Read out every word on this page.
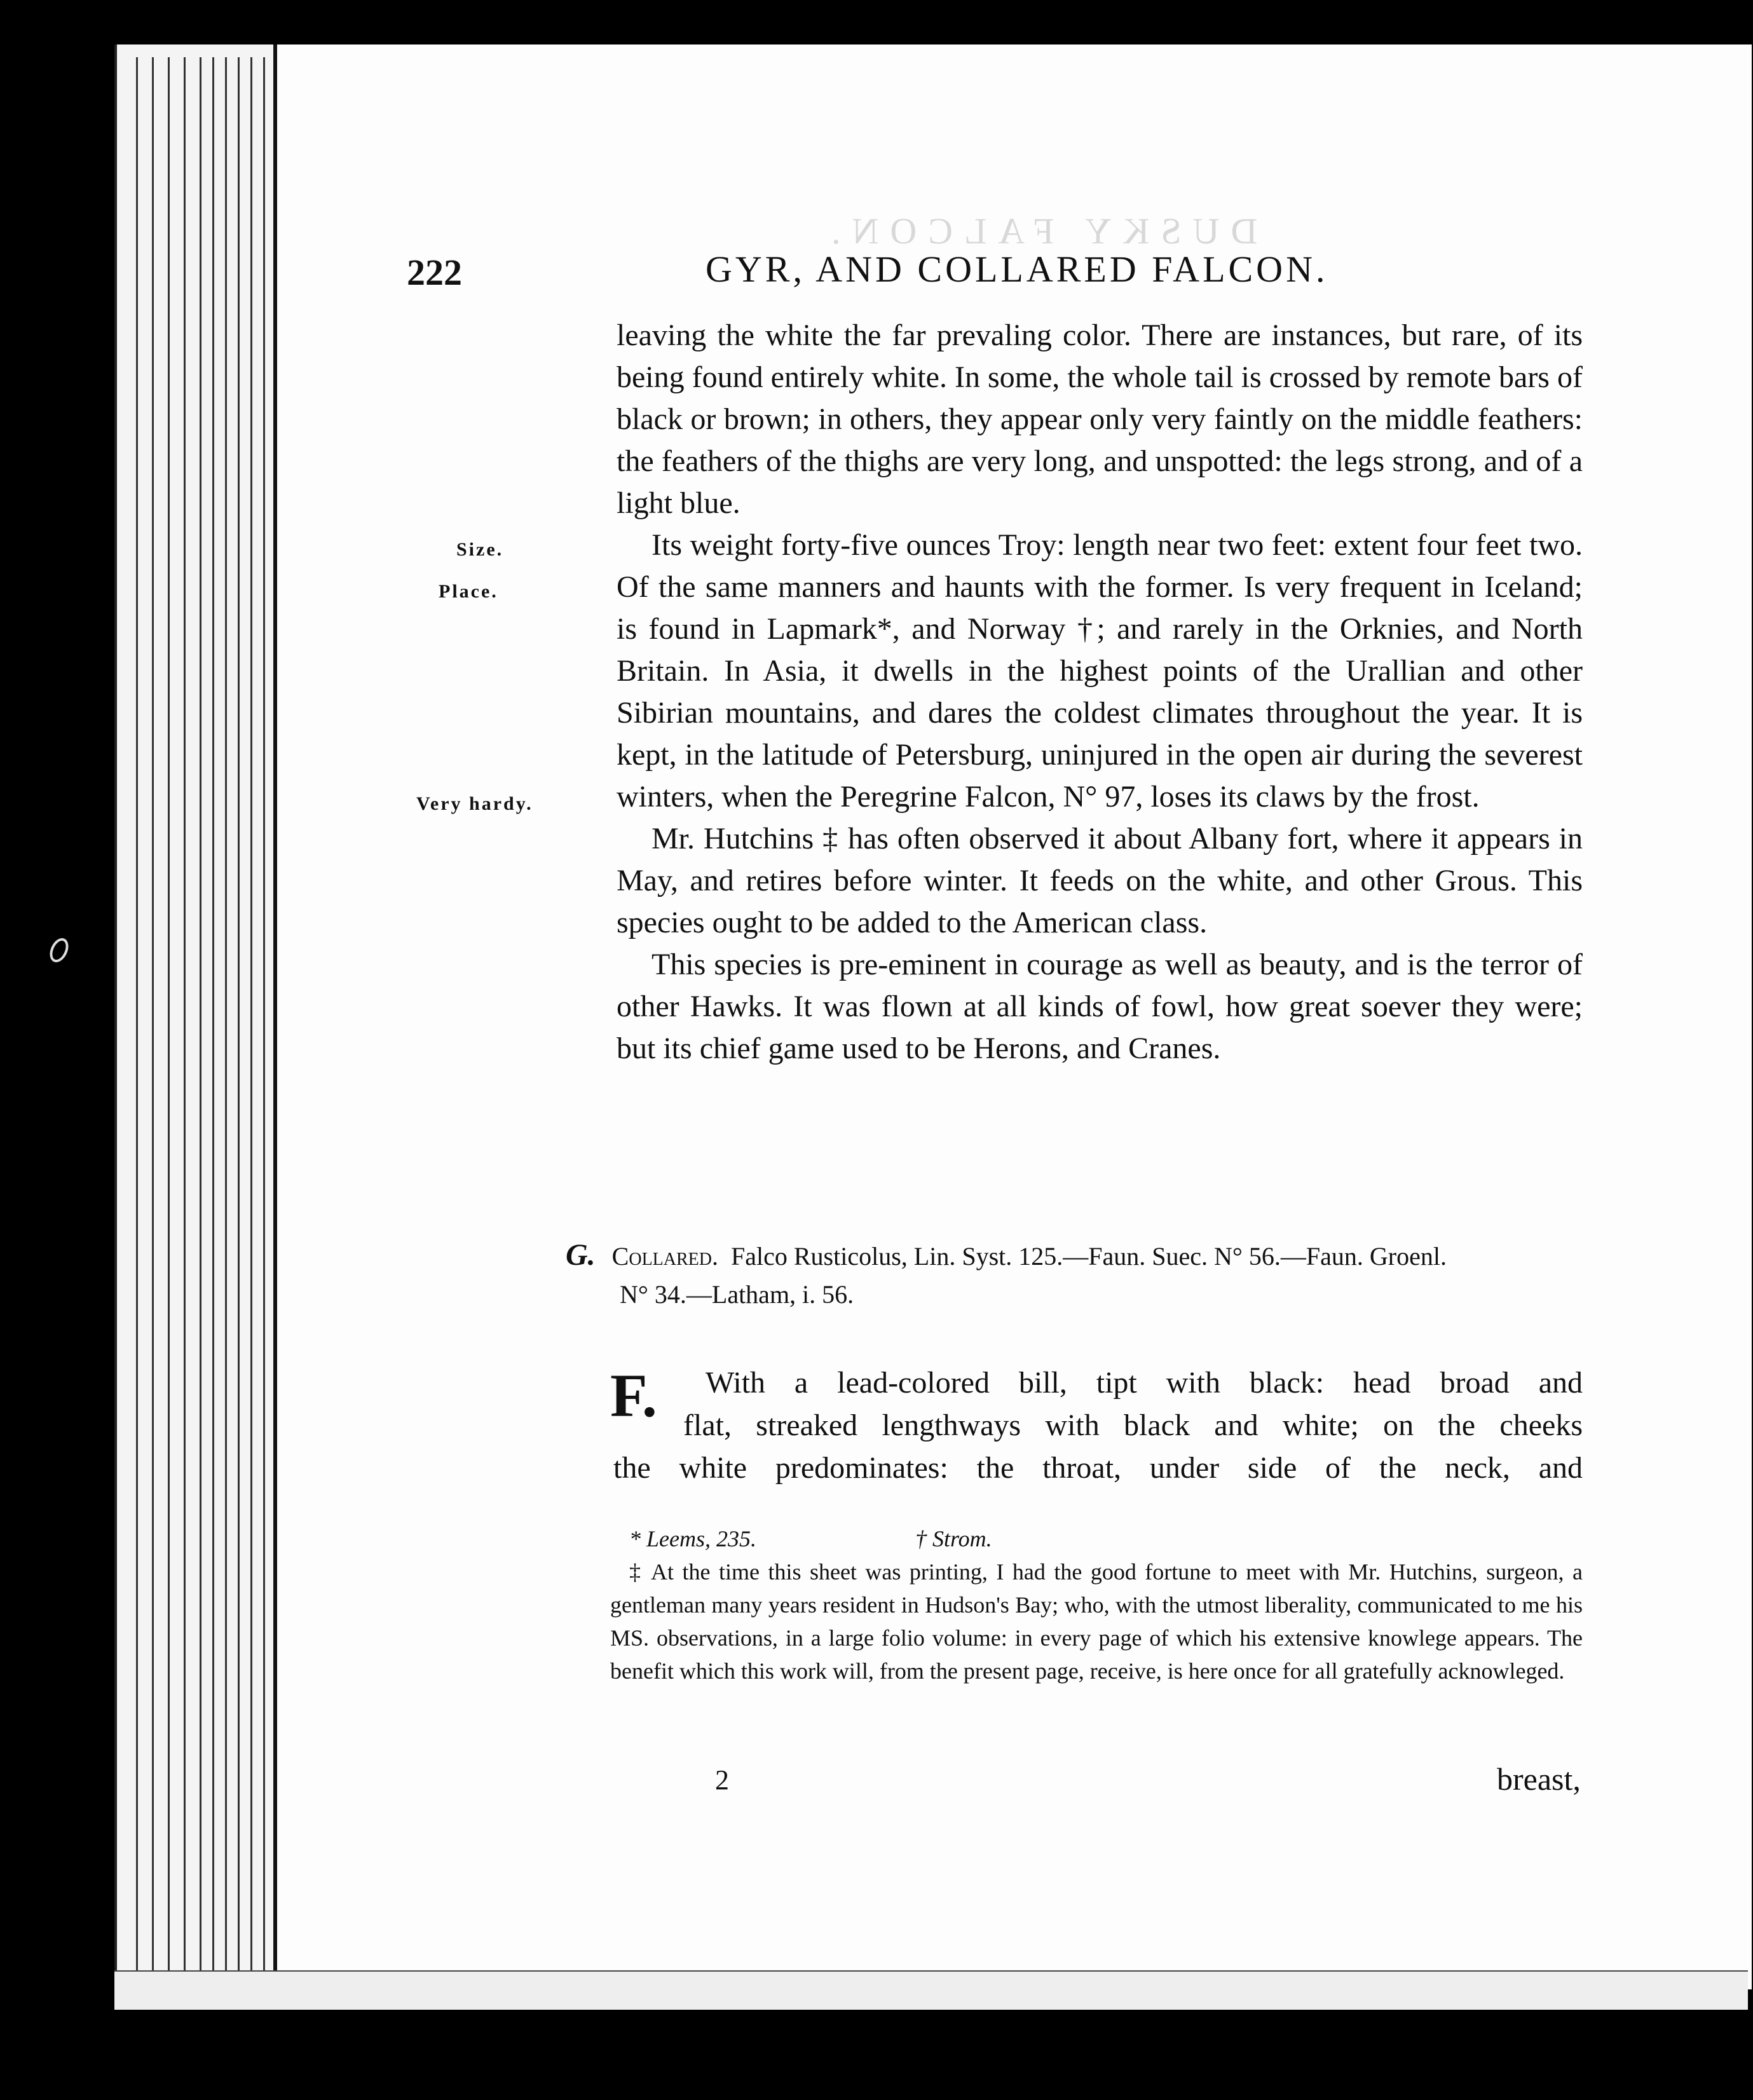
DUSKY FALCON.
222	GYR, AND COLLARED FALCON.
Size.
Place.
Very hardy.

leaving the white the far prevaling color. There are instances, but rare, of its being found entirely white. In some, the whole tail is crossed by remote bars of black or brown; in others, they appear only very faintly on the middle feathers: the feathers of the thighs are very long, and unspotted: the legs strong, and of a light blue.

Its weight forty-five ounces Troy: length near two feet: extent four feet two. Of the same manners and haunts with the former. Is very frequent in Iceland; is found in Lapmark*, and Norway †; and rarely in the Orknies, and North Britain. In Asia, it dwells in the highest points of the Urallian and other Sibirian mountains, and dares the coldest climates throughout the year. It is kept, in the latitude of Petersburg, uninjured in the open air during the severest winters, when the Peregrine Falcon, N° 97, loses its claws by the frost.

Mr. Hutchins ‡ has often observed it about Albany fort, where it appears in May, and retires before winter. It feeds on the white, and other Grous. This species ought to be added to the American class.

This species is pre-eminent in courage as well as beauty, and is the terror of other Hawks. It was flown at all kinds of fowl, how great soever they were; but its chief game used to be Herons, and Cranes.

G. Collared. Falco Rusticolus, Lin. Syst. 125.—Faun. Suec. N° 56.—Faun. Groenl.
N° 34.—Latham, i. 56.
F. With a lead-colored bill, tipt with black: head broad and
flat, streaked lengthways with black and white; on the cheeks
the white predominates: the throat, under side of the neck, and
* Leems, 235.	† Strom.
‡ At the time this sheet was printing, I had the good fortune to meet with Mr. Hutchins, surgeon, a gentleman many years resident in Hudson's Bay; who, with the utmost liberality, communicated to me his MS. observations, in a large folio volume: in every page of which his extensive knowlege appears. The benefit which this work will, from the present page, receive, is here once for all gratefully acknowleged.
2	breast,
